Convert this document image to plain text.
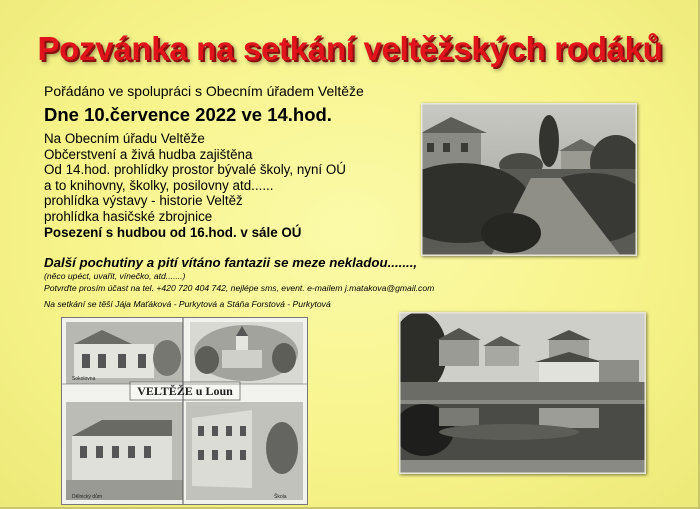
Pozvánka na setkání veltěžských rodáků
Pořádáno ve spolupráci s Obecním úřadem Veltěže
Dne 10.července 2022 ve 14.hod.
Na Obecním úřadu Veltěže
Občerstvení a živá hudba zajištěna
Od 14.hod. prohlídky prostor bývalé školy, nyní OÚ
a to knihovny, školky, posilovny atd......
prohlídka výstavy - historie Veltěž
prohlídka hasičské zbrojnice
Posezení s hudbou od 16.hod. v sále OÚ
Další pochutiny a pití vítáno fantazii se meze nekladou.......,
(něco upéct, uvařit, vínečko, atd.......)
Potvrďte prosím účast na tel. +420 720 404 742, nejlépe sms, event. e-mailem j.matakova@gmail.com
Na setkání se těší Jája Maťáková - Purkytová a Stáňa Forstová - Purkytová
VELTĚŽE u Loun
Sokolovna
Dělnický dům	Škola
